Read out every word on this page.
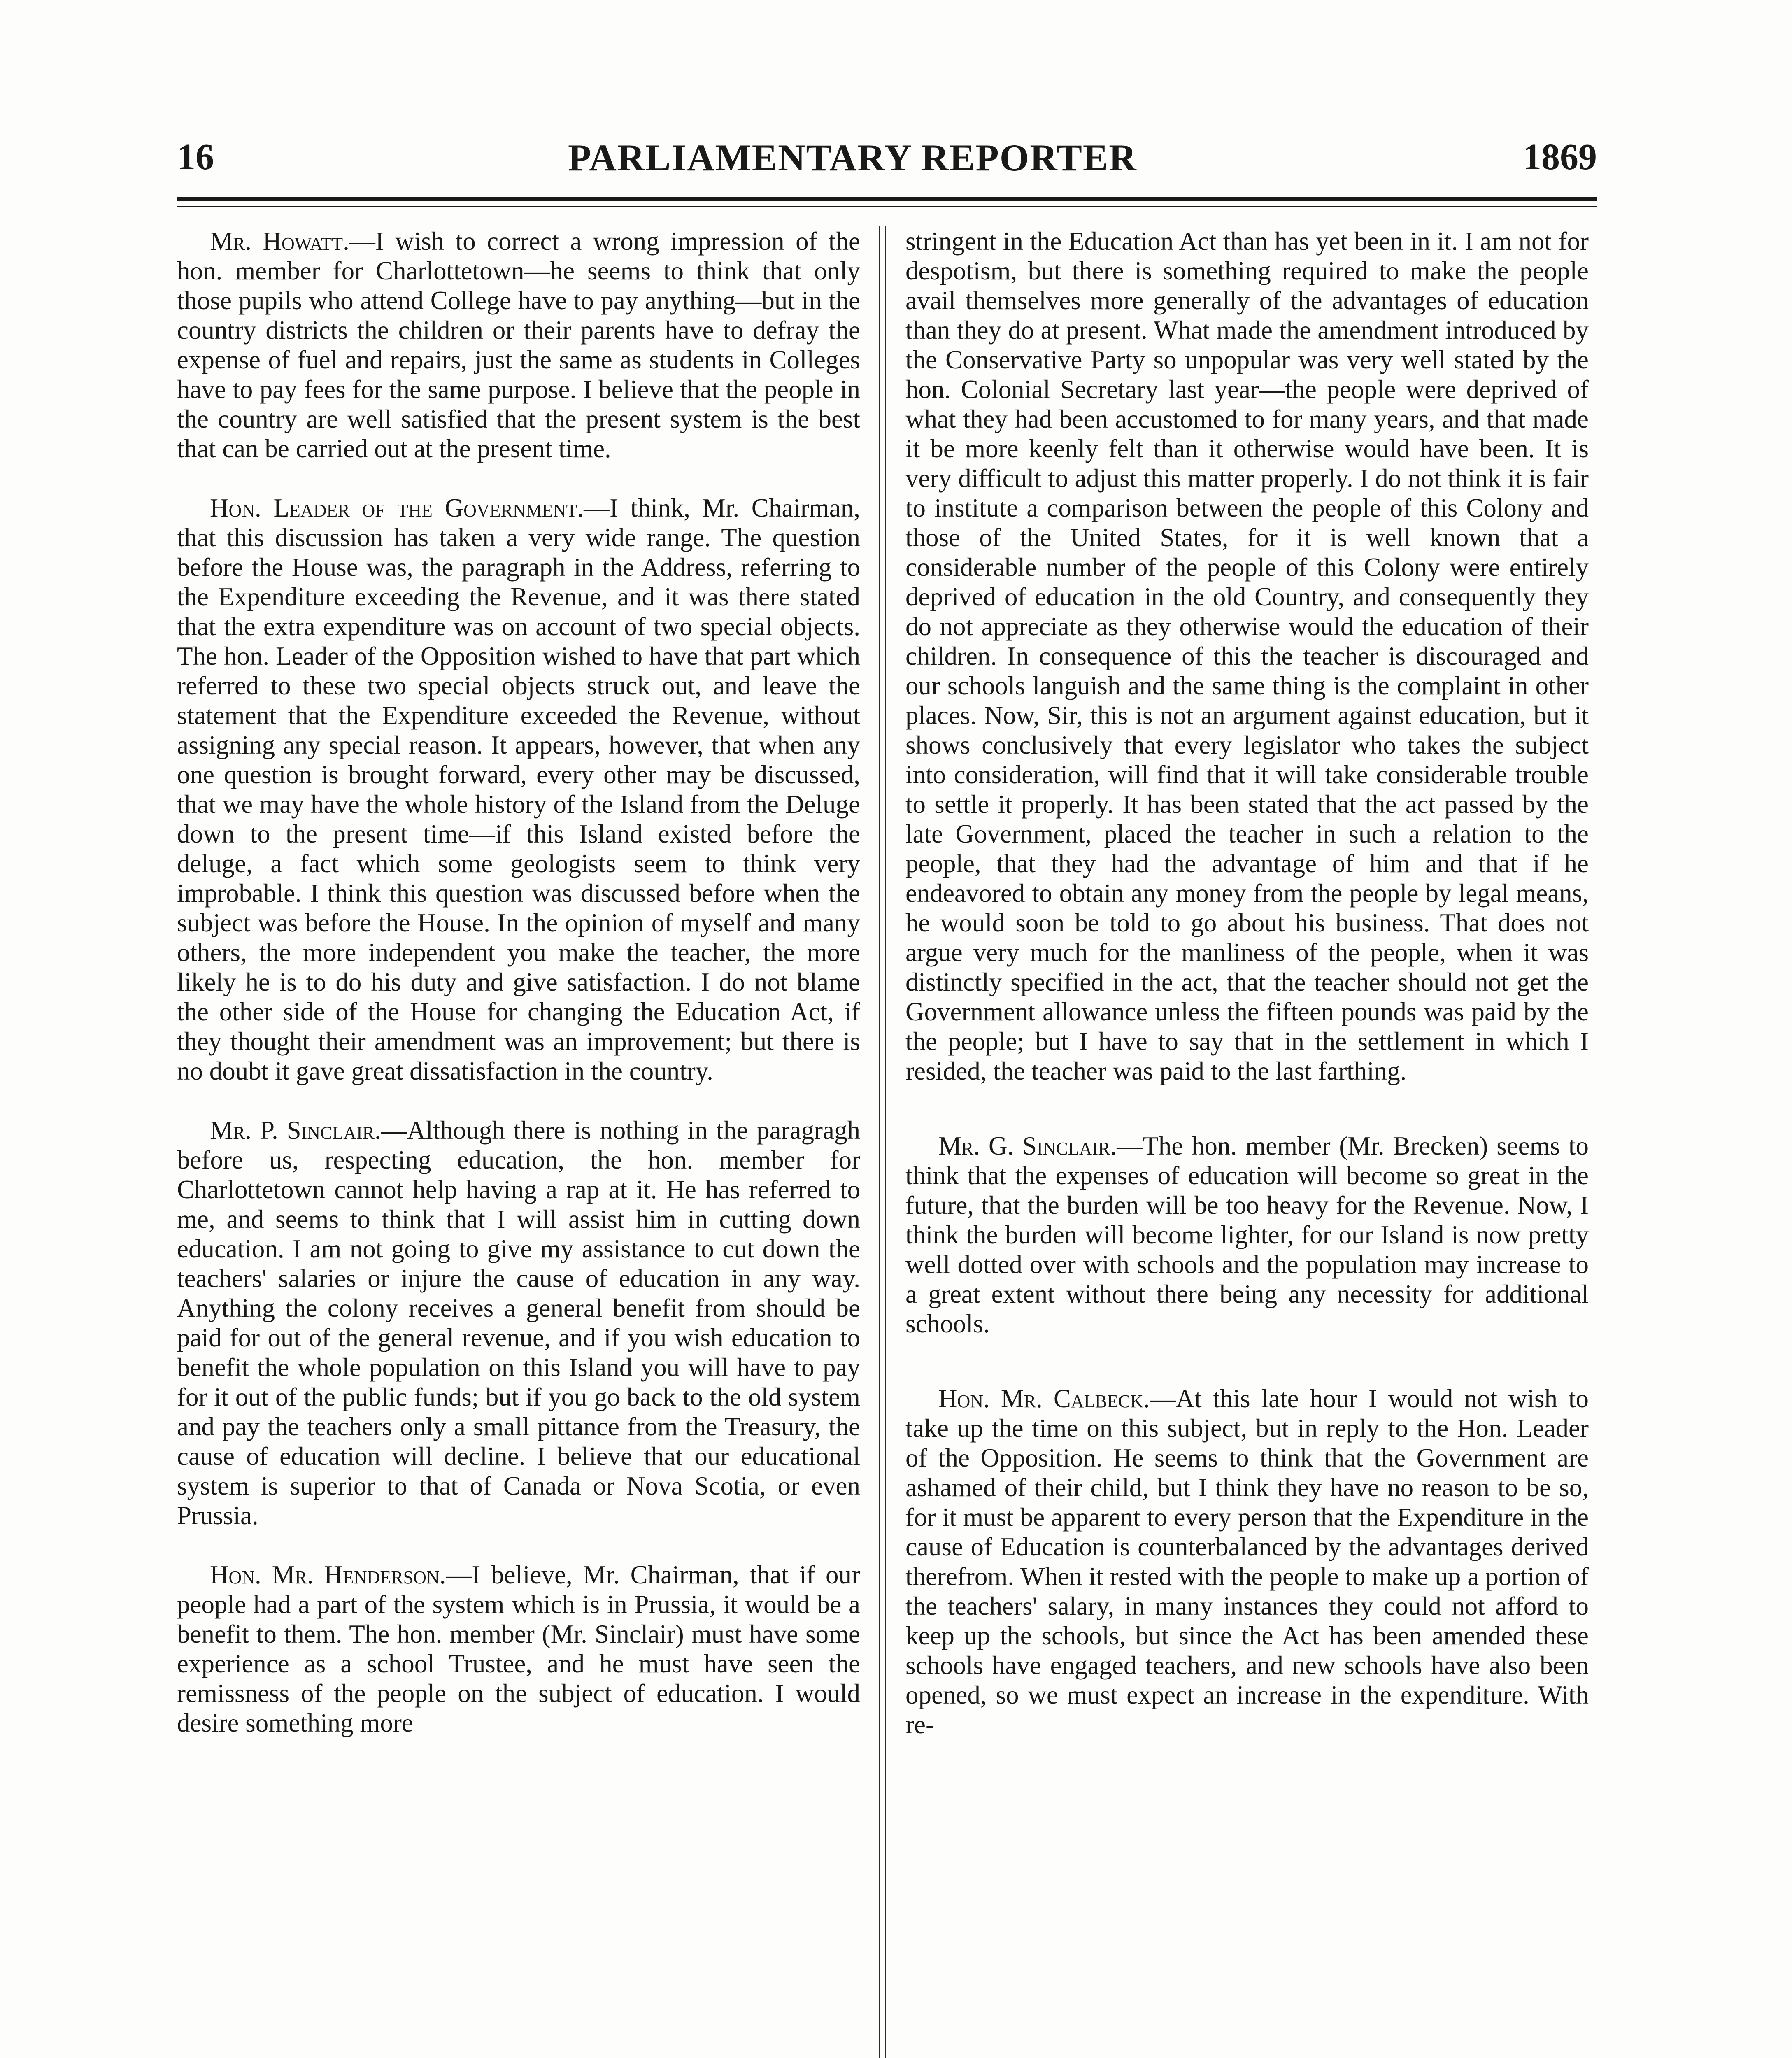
16	PARLIAMENTARY REPORTER	1869

Mr. Howatt.—I wish to correct a wrong impression of the hon. member for Charlottetown—he seems to think that only those pupils who attend College have to pay anything—but in the country districts the children or their parents have to defray the expense of fuel and repairs, just the same as students in Colleges have to pay fees for the same purpose. I believe that the people in the country are well satisfied that the present system is the best that can be carried out at the present time.

Hon. Leader of the Government.—I think, Mr. Chairman, that this discussion has taken a very wide range. The question before the House was, the paragraph in the Address, referring to the Expenditure exceeding the Revenue, and it was there stated that the extra expenditure was on account of two special objects. The hon. Leader of the Opposition wished to have that part which referred to these two special objects struck out, and leave the statement that the Expenditure exceeded the Revenue, without assigning any special reason. It appears, however, that when any one question is brought forward, every other may be discussed, that we may have the whole history of the Island from the Deluge down to the present time—if this Island existed before the deluge, a fact which some geologists seem to think very improbable. I think this question was discussed before when the subject was before the House. In the opinion of myself and many others, the more independent you make the teacher, the more likely he is to do his duty and give satisfaction. I do not blame the other side of the House for changing the Education Act, if they thought their amendment was an improvement; but there is no doubt it gave great dissatisfaction in the country.

Mr. P. Sinclair.—Although there is nothing in the paragragh before us, respecting education, the hon. member for Charlottetown cannot help having a rap at it. He has referred to me, and seems to think that I will assist him in cutting down education. I am not going to give my assistance to cut down the teachers' salaries or injure the cause of education in any way. Anything the colony receives a general benefit from should be paid for out of the general revenue, and if you wish education to benefit the whole population on this Island you will have to pay for it out of the public funds; but if you go back to the old system and pay the teachers only a small pittance from the Treasury, the cause of education will decline. I believe that our educational system is superior to that of Canada or Nova Scotia, or even Prussia.

Hon. Mr. Henderson.—I believe, Mr. Chairman, that if our people had a part of the system which is in Prussia, it would be a benefit to them. The hon. member (Mr. Sinclair) must have some experience as a school Trustee, and he must have seen the remissness of the people on the subject of education. I would desire something more

stringent in the Education Act than has yet been in it. I am not for despotism, but there is something required to make the people avail themselves more generally of the advantages of education than they do at present. What made the amendment introduced by the Conservative Party so unpopular was very well stated by the hon. Colonial Secretary last year—the people were deprived of what they had been accustomed to for many years, and that made it be more keenly felt than it otherwise would have been. It is very difficult to adjust this matter properly. I do not think it is fair to institute a comparison between the people of this Colony and those of the United States, for it is well known that a considerable number of the people of this Colony were entirely deprived of education in the old Country, and consequently they do not appreciate as they otherwise would the education of their children. In consequence of this the teacher is discouraged and our schools languish and the same thing is the complaint in other places. Now, Sir, this is not an argument against education, but it shows conclusively that every legislator who takes the subject into consideration, will find that it will take considerable trouble to settle it properly. It has been stated that the act passed by the late Government, placed the teacher in such a relation to the people, that they had the advantage of him and that if he endeavored to obtain any money from the people by legal means, he would soon be told to go about his business. That does not argue very much for the manliness of the people, when it was distinctly specified in the act, that the teacher should not get the Government allowance unless the fifteen pounds was paid by the the people; but I have to say that in the settlement in which I resided, the teacher was paid to the last farthing.

Mr. G. Sinclair.—The hon. member (Mr. Brecken) seems to think that the expenses of education will become so great in the future, that the burden will be too heavy for the Revenue. Now, I think the burden will become lighter, for our Island is now pretty well dotted over with schools and the population may increase to a great extent without there being any necessity for additional schools.

Hon. Mr. Calbeck.—At this late hour I would not wish to take up the time on this subject, but in reply to the Hon. Leader of the Opposition. He seems to think that the Government are ashamed of their child, but I think they have no reason to be so, for it must be apparent to every person that the Expenditure in the cause of Education is counterbalanced by the advantages derived therefrom. When it rested with the people to make up a portion of the teachers' salary, in many instances they could not afford to keep up the schools, but since the Act has been amended these schools have engaged teachers, and new schools have also been opened, so we must expect an increase in the expenditure. With re-
